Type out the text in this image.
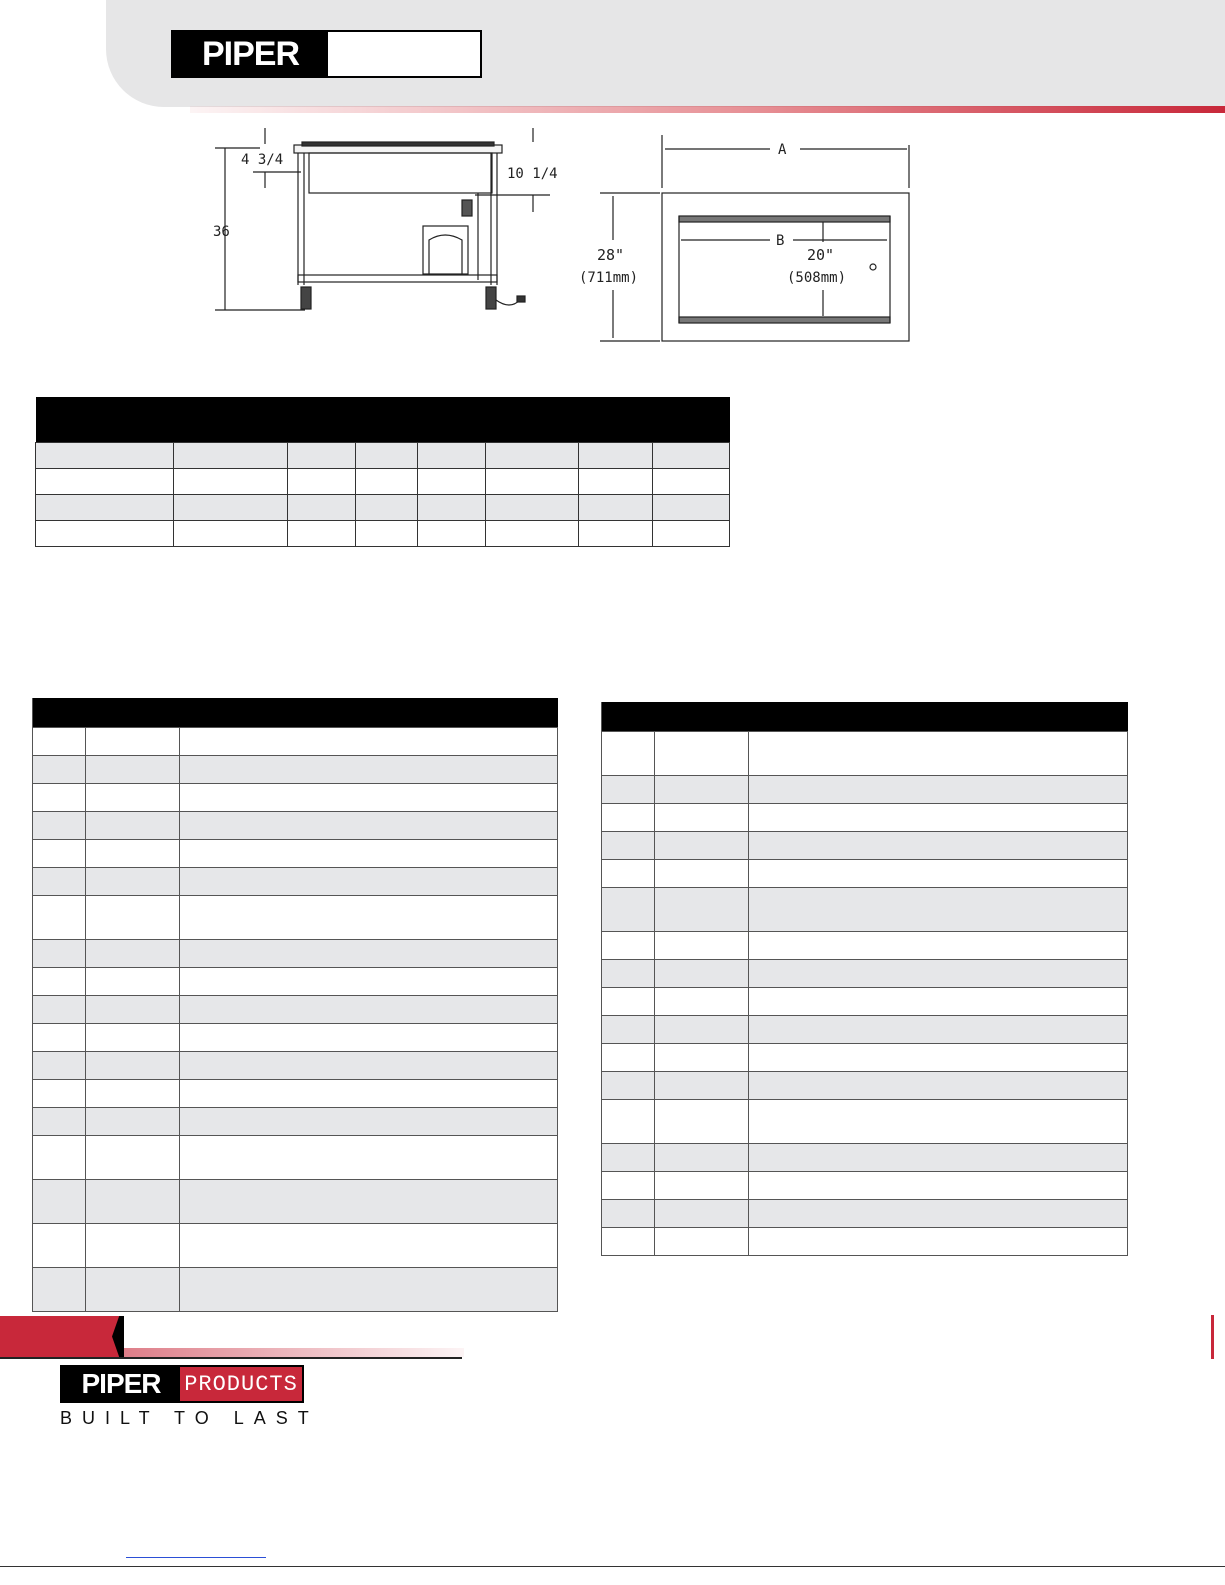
PIPER
4 3/4
10 1/4
36
A
B
28"
(711mm)
20"
(508mm)

PIPER	PRODUCTS
BUILT TO LAST
